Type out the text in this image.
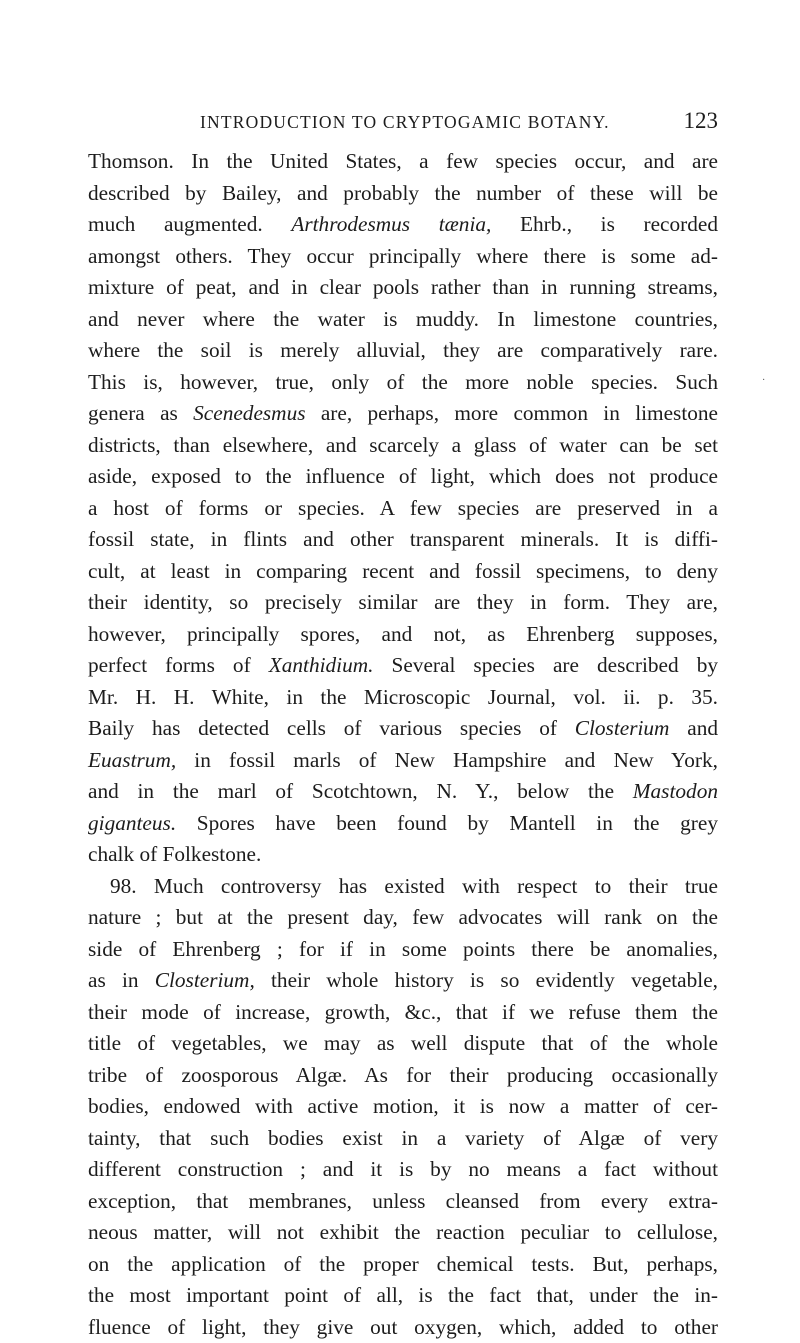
INTRODUCTION TO CRYPTOGAMIC BOTANY.	123
·
Thomson. In the United States, a few species occur, and are
described by Bailey, and probably the number of these will be
much augmented. Arthrodesmus tænia, Ehrb., is recorded
amongst others. They occur principally where there is some ad-
mixture of peat, and in clear pools rather than in running streams,
and never where the water is muddy. In limestone countries,
where the soil is merely alluvial, they are comparatively rare.
This is, however, true, only of the more noble species. Such
genera as Scenedesmus are, perhaps, more common in limestone
districts, than elsewhere, and scarcely a glass of water can be set
aside, exposed to the influence of light, which does not produce
a host of forms or species. A few species are preserved in a
fossil state, in flints and other transparent minerals. It is diffi-
cult, at least in comparing recent and fossil specimens, to deny
their identity, so precisely similar are they in form. They are,
however, principally spores, and not, as Ehrenberg supposes,
perfect forms of Xanthidium. Several species are described by
Mr. H. H. White, in the Microscopic Journal, vol. ii. p. 35.
Baily has detected cells of various species of Closterium and
Euastrum, in fossil marls of New Hampshire and New York,
and in the marl of Scotchtown, N. Y., below the Mastodon
giganteus. Spores have been found by Mantell in the grey
chalk of Folkestone.
98. Much controversy has existed with respect to their true
nature ; but at the present day, few advocates will rank on the
side of Ehrenberg ; for if in some points there be anomalies,
as in Closterium, their whole history is so evidently vegetable,
their mode of increase, growth, &c., that if we refuse them the
title of vegetables, we may as well dispute that of the whole
tribe of zoosporous Algæ. As for their producing occasionally
bodies, endowed with active motion, it is now a matter of cer-
tainty, that such bodies exist in a variety of Algæ of very
different construction ; and it is by no means a fact without
exception, that membranes, unless cleansed from every extra-
neous matter, will not exhibit the reaction peculiar to cellulose,
on the application of the proper chemical tests. But, perhaps,
the most important point of all, is the fact that, under the in-
fluence of light, they give out oxygen, which, added to other
